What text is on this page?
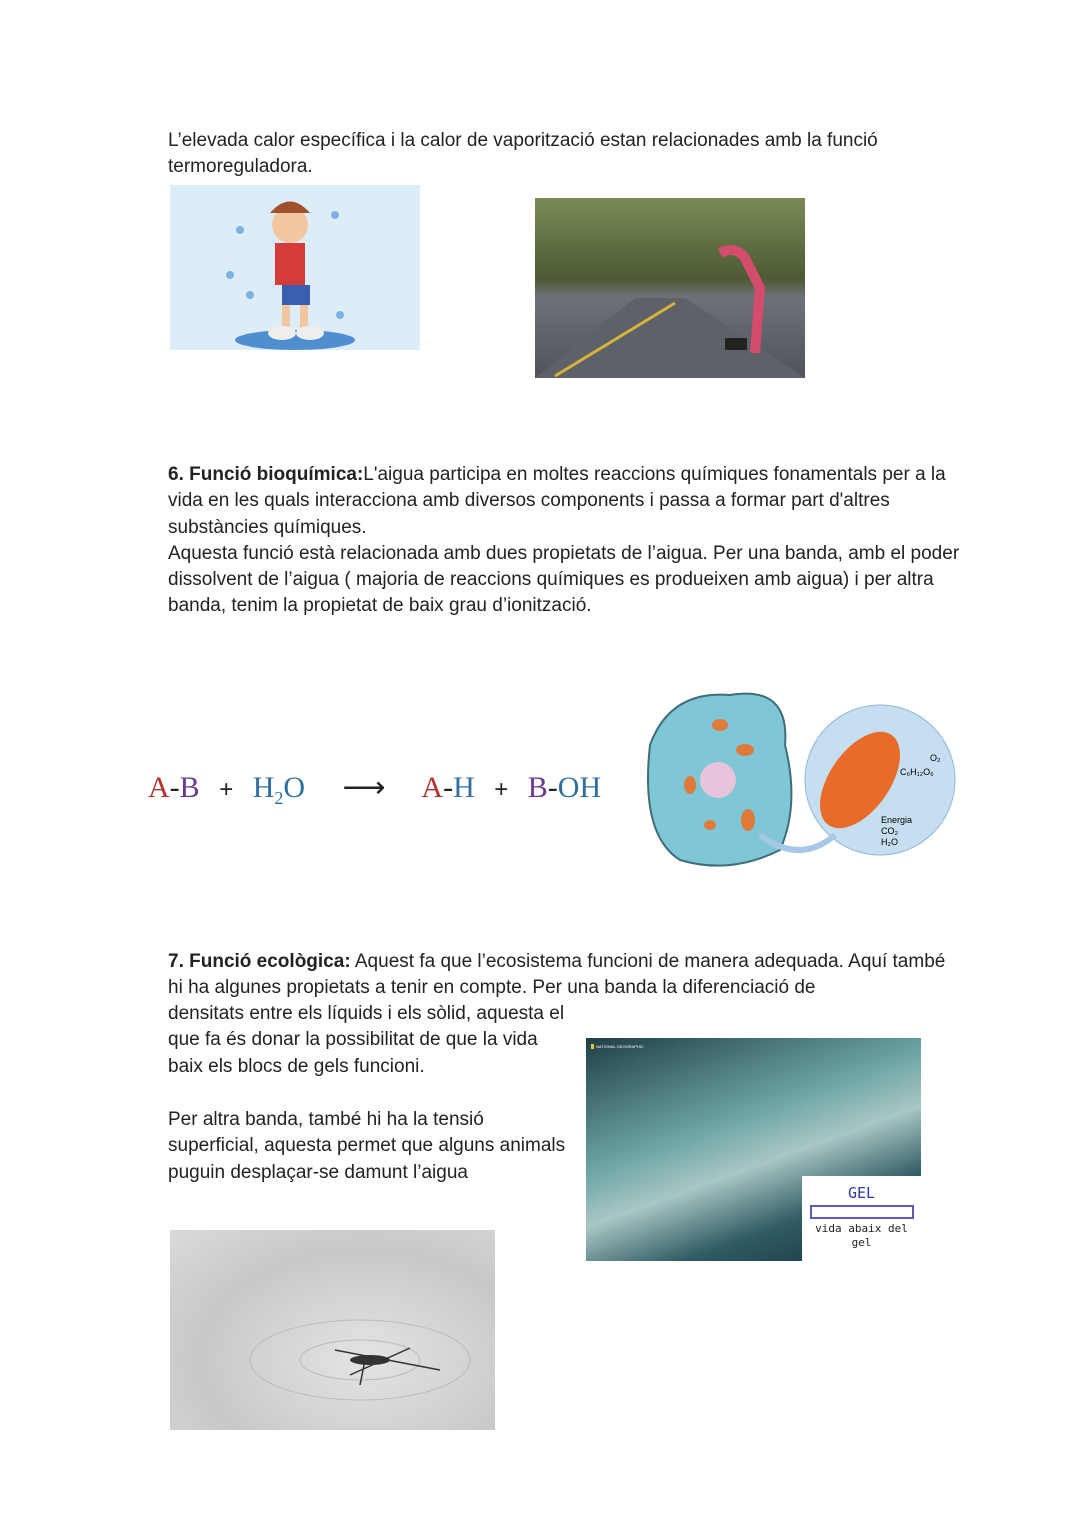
L’elevada calor específica i la calor de vaporització estan relacionades amb la funció
termoreguladora.

6. Funció bioquímica:L'aigua participa en moltes reaccions químiques fonamentals per a la vida en les quals interacciona amb diversos components i passa a formar part d'altres substàncies químiques.
Aquesta funció està relacionada amb dues propietats de l’aigua. Per una banda, amb el poder dissolvent de l’aigua ( majoria de reaccions químiques es produeixen amb aigua) i per altra banda, tenim la propietat de baix grau d’ionització.

$A-B + H_2O$ ⟶ A-H + B-OH
O₂
C₆H₁₂O₆
Energia
CO₂
H₂O

7. Funció ecològica: Aquest fa que l’ecosistema funcioni de manera adequada. Aquí també hi ha algunes propietats a tenir en compte. Per una banda la diferenciació de

densitats entre els líquids i els sòlid, aquesta el que fa és donar la possibilitat de que la vida baix els blocs de gels funcioni.

Per altra banda, també hi ha la tensió superficial, aquesta permet que alguns animals puguin desplaçar-se damunt l’aigua

NATIONAL GEOGRAPHIC
GEL
vida abaix del gel
